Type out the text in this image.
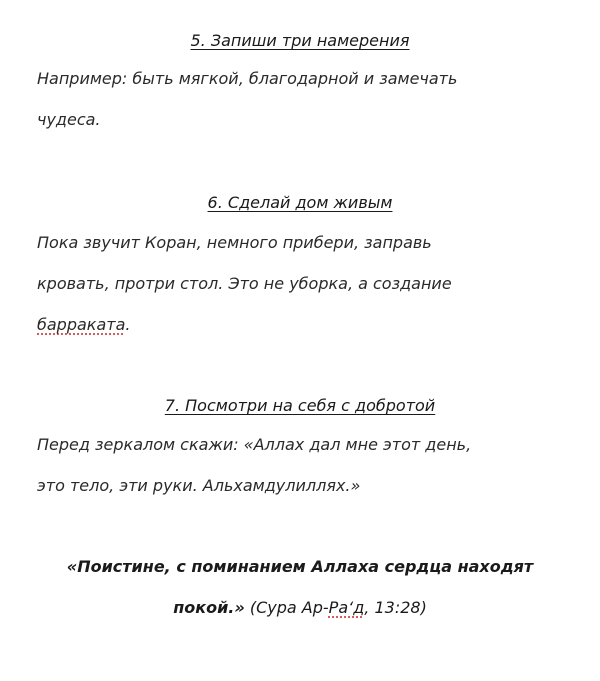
5. Запиши три намерения
Например: быть мягкой, благодарной и замечать
чудеса.
6. Сделай дом живым
Пока звучит Коран, немного прибери, заправь
кровать, протри стол. Это не уборка, а создание
барраката.
7. Посмотри на себя с добротой
Перед зеркалом скажи: «Аллах дал мне этот день,
это тело, эти руки. Альхамдулиллях.»
«Поистине, с поминанием Аллаха сердца находят
покой.» (Сура Ар-Ра‘д, 13:28)
